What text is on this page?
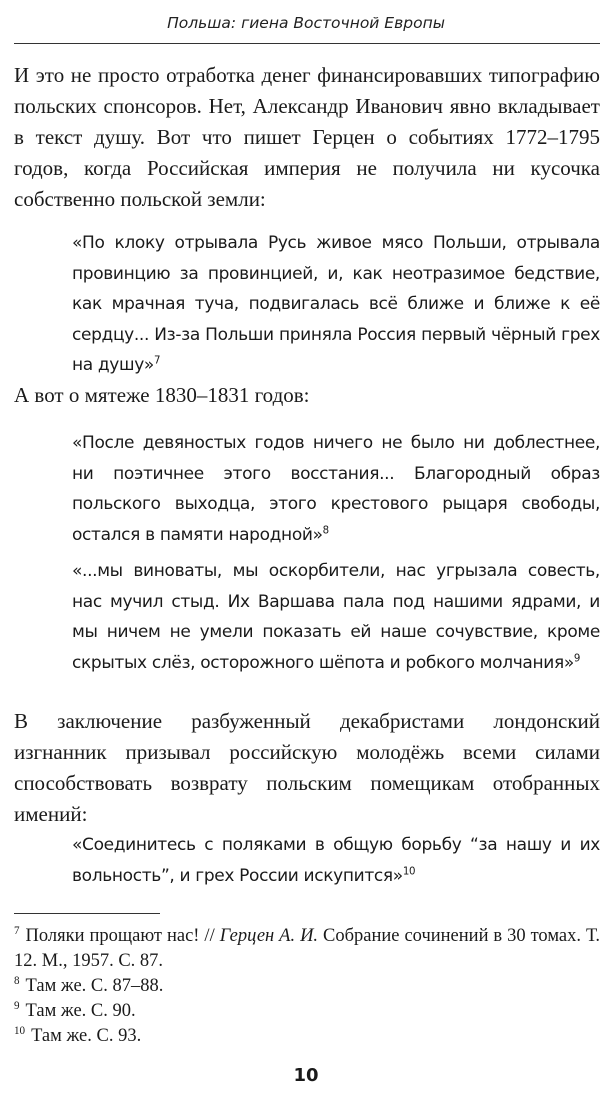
Польша: гиена Восточной Европы

И это не просто отработка денег финансировавших типографию польских спонсоров. Нет, Александр Иванович явно вкладывает в текст душу. Вот что пишет Герцен о событиях 1772–1795 годов, когда Российская империя не получила ни кусочка собственно польской земли:

«По клоку отрывала Русь живое мясо Польши, отрывала провинцию за провинцией, и, как неотразимое бедствие, как мрачная туча, подвигалась всё ближе и ближе к её сердцу... Из-за Польши приняла Россия первый чёрный грех на душу»$^7$

А вот о мятеже 1830–1831 годов:

«После девяностых годов ничего не было ни доблестнее, ни поэтичнее этого восстания... Благородный образ польского выходца, этого крестового рыцаря свободы, остался в памяти народной»$^8$

«...мы виноваты, мы оскорбители, нас угрызала совесть, нас мучил стыд. Их Варшава пала под нашими ядрами, и мы ничем не умели показать ей наше сочувствие, кроме скрытых слёз, осторожного шёпота и робкого молчания»$^9$

В заключение разбуженный декабристами лондонский изгнанник призывал российскую молодёжь всеми силами способствовать возврату польским помещикам отобранных имений:

«Соединитесь с поляками в общую борьбу “за нашу и их вольность”, и грех России искупится»$^{10}$

$^7$ Поляки прощают нас! // Герцен А. И. Собрание сочинений в 30 томах. Т. 12. М., 1957. С. 87.

$^8$ Там же. С. 87–88.

$^9$ Там же. С. 90.

$^{10}$ Там же. С. 93.

10
